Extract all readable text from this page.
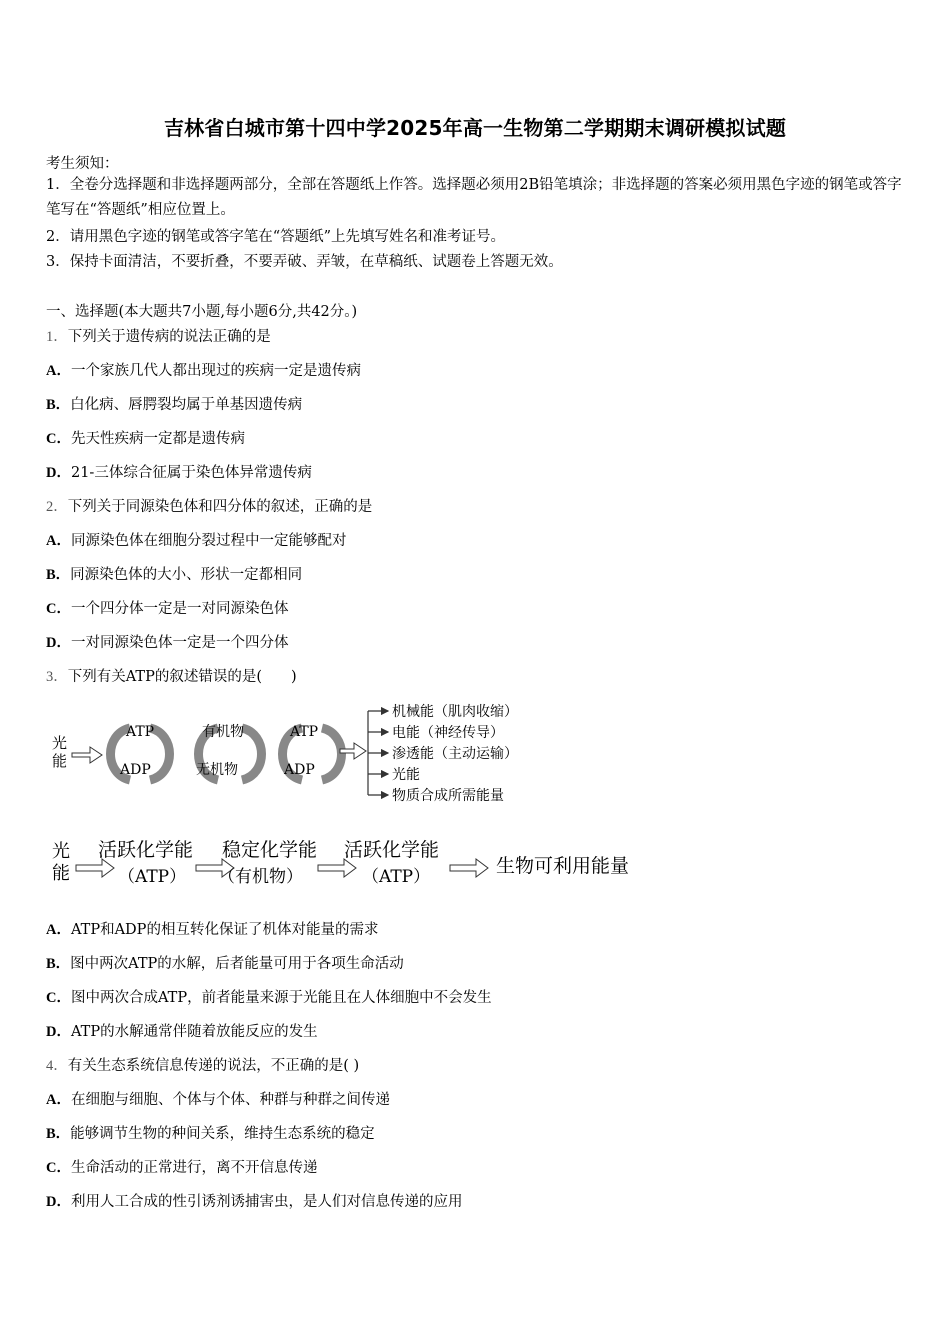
吉林省白城市第十四中学2025年高一生物第二学期期末调研模拟试题
考生须知：
1．全卷分选择题和非选择题两部分，全部在答题纸上作答。选择题必须用2B铅笔填涂；非选择题的答案必须用黑色字迹的钢笔或答字笔写在“答题纸”相应位置上。
2．请用黑色字迹的钢笔或答字笔在“答题纸”上先填写姓名和准考证号。
3．保持卡面清洁，不要折叠，不要弄破、弄皱，在草稿纸、试题卷上答题无效。
一、选择题(本大题共7小题,每小题6分,共42分。)
1．下列关于遗传病的说法正确的是
A．一个家族几代人都出现过的疾病一定是遗传病
B．白化病、唇腭裂均属于单基因遗传病
C．先天性疾病一定都是遗传病
D．21-三体综合征属于染色体异常遗传病
2．下列关于同源染色体和四分体的叙述，正确的是
A．同源染色体在细胞分裂过程中一定能够配对
B．同源染色体的大小、形状一定都相同
C．一个四分体一定是一对同源染色体
D．一对同源染色体一定是一个四分体
3．下列有关ATP的叙述错误的是(　　)
光
能
ATP
ADP
有机物
无机物
ATP
ADP
机械能（肌肉收缩）
电能（神经传导）
渗透能（主动运输）
光能
物质合成所需能量
光
能
活跃化学能
（ATP）
稳定化学能
（有机物）
活跃化学能
（ATP）	生物可利用能量
A．ATP和ADP的相互转化保证了机体对能量的需求
B．图中两次ATP的水解，后者能量可用于各项生命活动
C．图中两次合成ATP，前者能量来源于光能且在人体细胞中不会发生
D．ATP的水解通常伴随着放能反应的发生
4．有关生态系统信息传递的说法，不正确的是( )
A．在细胞与细胞、个体与个体、种群与种群之间传递
B．能够调节生物的种间关系，维持生态系统的稳定
C．生命活动的正常进行，离不开信息传递
D．利用人工合成的性引诱剂诱捕害虫，是人们对信息传递的应用
